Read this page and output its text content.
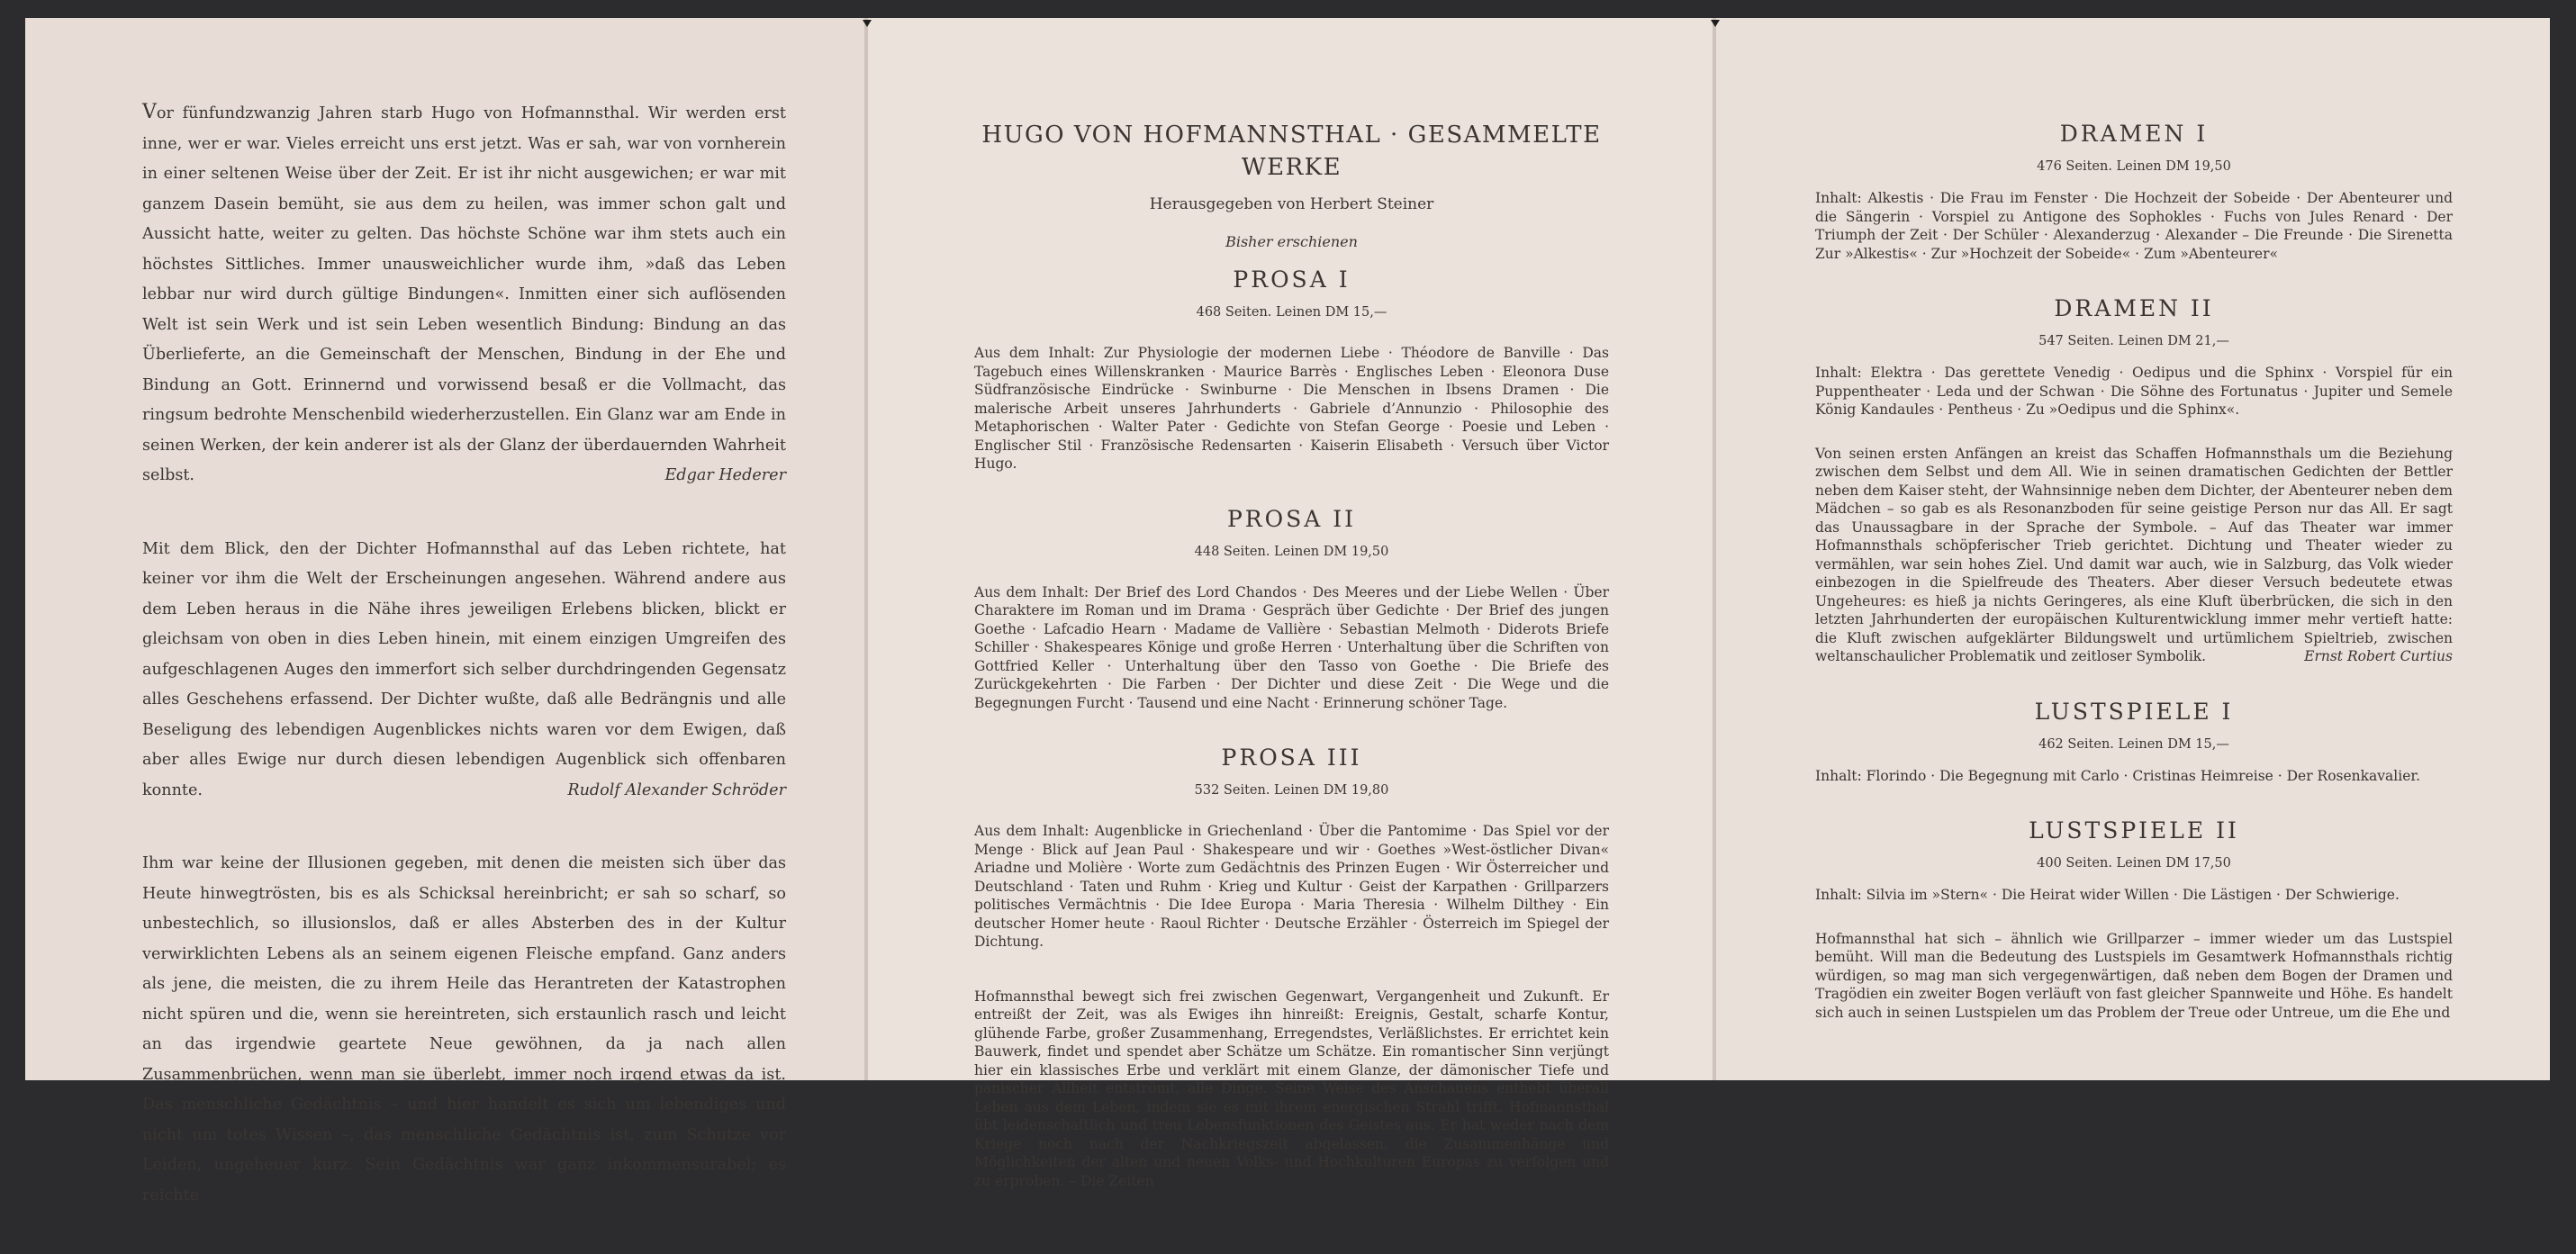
Vor fünfundzwanzig Jahren starb Hugo von Hofmannsthal. Wir werden erst inne, wer er war. Vieles erreicht uns erst jetzt. Was er sah, war von vornherein in einer seltenen Weise über der Zeit. Er ist ihr nicht ausgewichen; er war mit ganzem Dasein bemüht, sie aus dem zu heilen, was immer schon galt und Aussicht hatte, weiter zu gelten. Das höchste Schöne war ihm stets auch ein höchstes Sittliches. Immer unausweichlicher wurde ihm, »daß das Leben lebbar nur wird durch gültige Bindungen«. Inmitten einer sich auflösenden Welt ist sein Werk und ist sein Leben wesentlich Bindung: Bindung an das Überlieferte, an die Gemeinschaft der Menschen, Bindung in der Ehe und Bindung an Gott. Erinnernd und vorwissend besaß er die Vollmacht, das ringsum bedrohte Menschenbild wiederherzustellen. Ein Glanz war am Ende in seinen Werken, der kein anderer ist als der Glanz der überdauernden Wahrheit selbst.	Edgar Hederer

Mit dem Blick, den der Dichter Hofmannsthal auf das Leben richtete, hat keiner vor ihm die Welt der Erscheinungen angesehen. Während andere aus dem Leben heraus in die Nähe ihres jeweiligen Erlebens blicken, blickt er gleichsam von oben in dies Leben hinein, mit einem einzigen Umgreifen des aufgeschlagenen Auges den immerfort sich selber durchdringenden Gegensatz alles Geschehens erfassend. Der Dichter wußte, daß alle Bedrängnis und alle Beseligung des lebendigen Augenblickes nichts waren vor dem Ewigen, daß aber alles Ewige nur durch diesen lebendigen Augenblick sich offenbaren konnte.	Rudolf Alexander Schröder

Ihm war keine der Illusionen gegeben, mit denen die meisten sich über das Heute hinwegtrösten, bis es als Schicksal hereinbricht; er sah so scharf, so unbestechlich, so illusionslos, daß er alles Absterben des in der Kultur verwirklichten Lebens als an seinem eigenen Fleische empfand. Ganz anders als jene, die meisten, die zu ihrem Heile das Herantreten der Katastrophen nicht spüren und die, wenn sie hereintreten, sich erstaunlich rasch und leicht an das irgendwie geartete Neue gewöhnen, da ja nach allen Zusammenbrüchen, wenn man sie überlebt, immer noch irgend etwas da ist. Das menschliche Gedächtnis – und hier handelt es sich um lebendiges und nicht um totes Wissen –, das menschliche Gedächtnis ist, zum Schutze vor Leiden, ungeheuer kurz. Sein Gedächtnis war ganz inkommensurabel; es reichte

HUGO VON HOFMANNSTHAL · GESAMMELTE WERKE
Herausgegeben von Herbert Steiner
Bisher erschienen
PROSA I
468 Seiten. Leinen DM 15,—
Aus dem Inhalt: Zur Physiologie der modernen Liebe · Théodore de Banville · Das Tagebuch eines Willenskranken · Maurice Barrès · Englisches Leben · Eleonora Duse Südfranzösische Eindrücke · Swinburne · Die Menschen in Ibsens Dramen · Die malerische Arbeit unseres Jahrhunderts · Gabriele d’Annunzio · Philosophie des Metaphorischen · Walter Pater · Gedichte von Stefan George · Poesie und Leben · Englischer Stil · Französische Redensarten · Kaiserin Elisabeth · Versuch über Victor Hugo.
PROSA II
448 Seiten. Leinen DM 19,50
Aus dem Inhalt: Der Brief des Lord Chandos · Des Meeres und der Liebe Wellen · Über Charaktere im Roman und im Drama · Gespräch über Gedichte · Der Brief des jungen Goethe · Lafcadio Hearn · Madame de Vallière · Sebastian Melmoth · Diderots Briefe Schiller · Shakespeares Könige und große Herren · Unterhaltung über die Schriften von Gottfried Keller · Unterhaltung über den Tasso von Goethe · Die Briefe des Zurückgekehrten · Die Farben · Der Dichter und diese Zeit · Die Wege und die Begegnungen Furcht · Tausend und eine Nacht · Erinnerung schöner Tage.
PROSA III
532 Seiten. Leinen DM 19,80
Aus dem Inhalt: Augenblicke in Griechenland · Über die Pantomime · Das Spiel vor der Menge · Blick auf Jean Paul · Shakespeare und wir · Goethes »West-östlicher Divan« Ariadne und Molière · Worte zum Gedächtnis des Prinzen Eugen · Wir Österreicher und Deutschland · Taten und Ruhm · Krieg und Kultur · Geist der Karpathen · Grillparzers politisches Vermächtnis · Die Idee Europa · Maria Theresia · Wilhelm Dilthey · Ein deutscher Homer heute · Raoul Richter · Deutsche Erzähler · Österreich im Spiegel der Dichtung.
Hofmannsthal bewegt sich frei zwischen Gegenwart, Vergangenheit und Zukunft. Er entreißt der Zeit, was als Ewiges ihn hinreißt: Ereignis, Gestalt, scharfe Kontur, glühende Farbe, großer Zusammenhang, Erregendstes, Verläßlichstes. Er errichtet kein Bauwerk, findet und spendet aber Schätze um Schätze. Ein romantischer Sinn verjüngt hier ein klassisches Erbe und verklärt mit einem Glanze, der dämonischer Tiefe und panischer Allheit entströmt, alle Dinge. Seine Weise des Anschauens enthebt überall Leben aus dem Leben, indem sie es mit ihrem energischen Strahl trifft. Hofmannsthal übt leidenschaftlich und treu Lebensfunktionen des Geistes aus. Er hat weder nach dem Kriege noch nach der Nachkriegszeit abgelassen, die Zusammenhänge und Möglichkeiten der alten und neuen Volks- und Hochkulturen Europas zu verfolgen und zu erproben. – Die Zeiten
DRAMEN I
476 Seiten. Leinen DM 19,50
Inhalt: Alkestis · Die Frau im Fenster · Die Hochzeit der Sobeide · Der Abenteurer und die Sängerin · Vorspiel zu Antigone des Sophokles · Fuchs von Jules Renard · Der Triumph der Zeit · Der Schüler · Alexanderzug · Alexander – Die Freunde · Die Sirenetta Zur »Alkestis« · Zur »Hochzeit der Sobeide« · Zum »Abenteurer«
DRAMEN II
547 Seiten. Leinen DM 21,—
Inhalt: Elektra · Das gerettete Venedig · Oedipus und die Sphinx · Vorspiel für ein Puppentheater · Leda und der Schwan · Die Söhne des Fortunatus · Jupiter und Semele König Kandaules · Pentheus · Zu »Oedipus und die Sphinx«.
Von seinen ersten Anfängen an kreist das Schaffen Hofmannsthals um die Beziehung zwischen dem Selbst und dem All. Wie in seinen dramatischen Gedichten der Bettler neben dem Kaiser steht, der Wahnsinnige neben dem Dichter, der Abenteurer neben dem Mädchen – so gab es als Resonanzboden für seine geistige Person nur das All. Er sagt das Unaussagbare in der Sprache der Symbole. – Auf das Theater war immer Hofmannsthals schöpferischer Trieb gerichtet. Dichtung und Theater wieder zu vermählen, war sein hohes Ziel. Und damit war auch, wie in Salzburg, das Volk wieder einbezogen in die Spielfreude des Theaters. Aber dieser Versuch bedeutete etwas Ungeheures: es hieß ja nichts Geringeres, als eine Kluft überbrücken, die sich in den letzten Jahrhunderten der europäischen Kulturentwicklung immer mehr vertieft hatte: die Kluft zwischen aufgeklärter Bildungswelt und urtümlichem Spieltrieb, zwischen weltanschaulicher Problematik und zeitloser Symbolik.	Ernst Robert Curtius
LUSTSPIELE I
462 Seiten. Leinen DM 15,—
Inhalt: Florindo · Die Begegnung mit Carlo · Cristinas Heimreise · Der Rosenkavalier.
LUSTSPIELE II
400 Seiten. Leinen DM 17,50
Inhalt: Silvia im »Stern« · Die Heirat wider Willen · Die Lästigen · Der Schwierige.
Hofmannsthal hat sich – ähnlich wie Grillparzer – immer wieder um das Lustspiel bemüht. Will man die Bedeutung des Lustspiels im Gesamtwerk Hofmannsthals richtig würdigen, so mag man sich vergegenwärtigen, daß neben dem Bogen der Dramen und Tragödien ein zweiter Bogen verläuft von fast gleicher Spannweite und Höhe. Es handelt sich auch in seinen Lustspielen um das Problem der Treue oder Untreue, um die Ehe und
